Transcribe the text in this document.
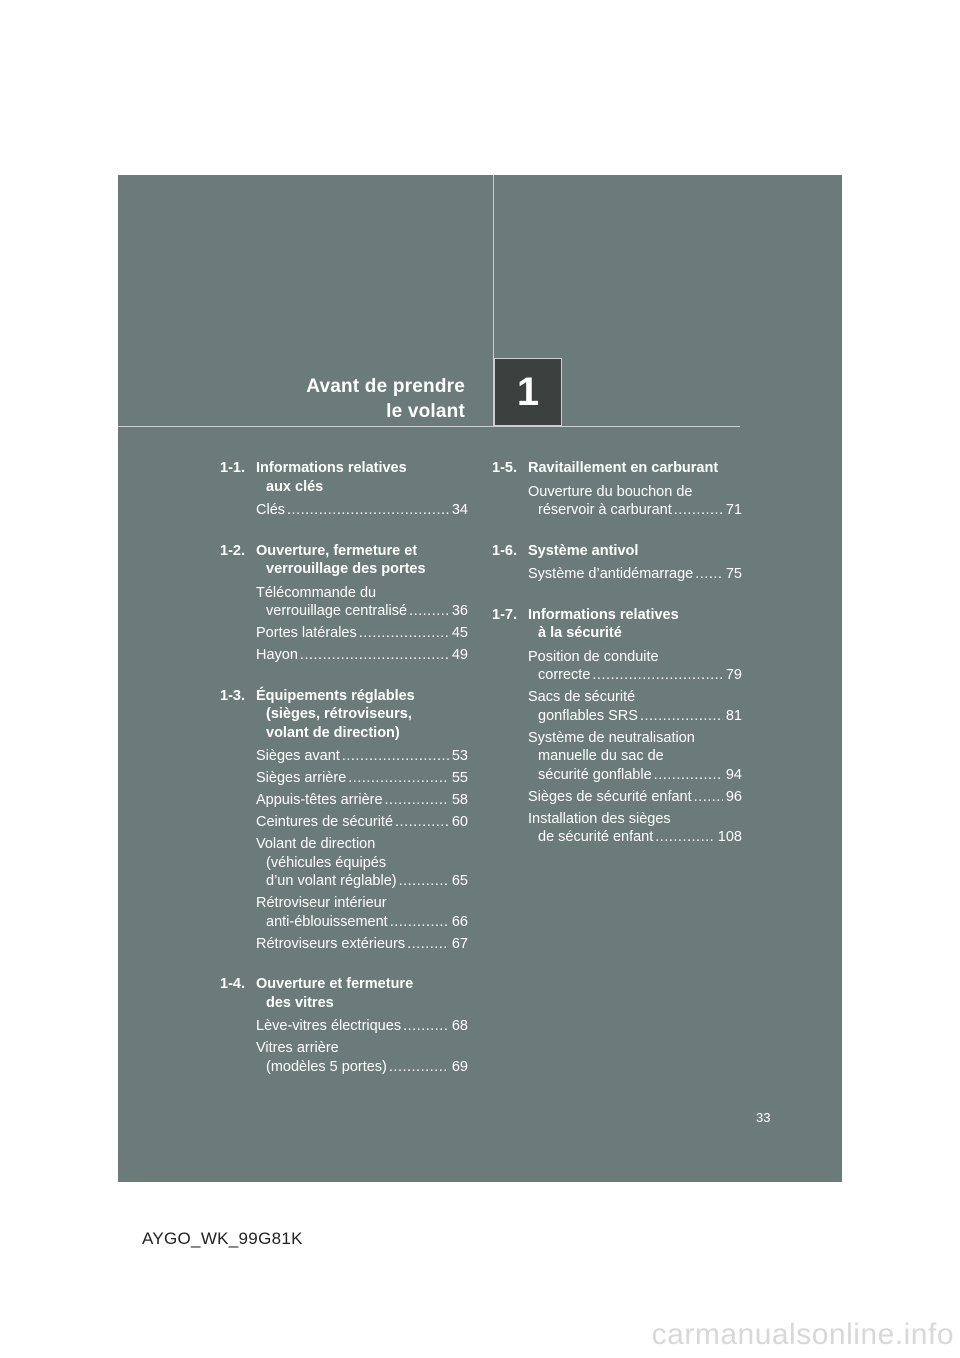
Avant de prendre
le volant 1
1-1. Informations relatives
aux clés
Clés .....	34
1-2. Ouverture, fermeture et
verrouillage des portes
Télécommande du
verrouillage centralisé .....	36
Portes latérales .....	45
Hayon .....	49
1-3. Équipements réglables
(sièges, rétroviseurs,
volant de direction)
Sièges avant .....	53
Sièges arrière .....	55
Appuis-têtes arrière .....	58
Ceintures de sécurité .....	60
Volant de direction
(véhicules équipés
d’un volant réglable) .....	65
Rétroviseur intérieur
anti-éblouissement .....	66
Rétroviseurs extérieurs .....	67
1-4. Ouverture et fermeture
des vitres
Lève-vitres électriques .....	68
Vitres arrière
(modèles 5 portes) .....	69
1-5. Ravitaillement en carburant
Ouverture du bouchon de
réservoir à carburant .....	71
1-6. Système antivol
Système d’antidémarrage ..... 75
1-7. Informations relatives
à la sécurité
Position de conduite
correcte .....	79
Sacs de sécurité
gonflables SRS .....	81
Système de neutralisation
manuelle du sac de
sécurité gonflable .....	94
Sièges de sécurité enfant ..... 96
Installation des sièges
de sécurité enfant .....	108
33
AYGO_WK_99G81K
carmanualsonline.info
